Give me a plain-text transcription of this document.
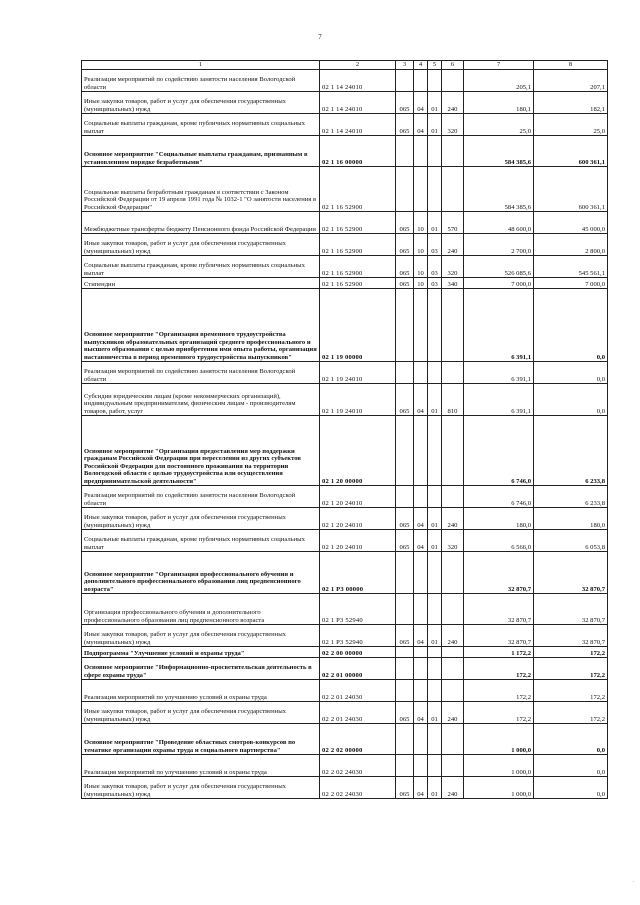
7
1	2	3	4	5	6	7	8
Реализация мероприятий по содействию занятости населения Вологодской области	02 1 14 24010					205,1	207,1
Иные закупки товаров, работ и услуг для обеспечения государственных (муниципальных) нужд	02 1 14 24010	065	04	01	240	180,1	182,1
Социальные выплаты гражданам, кроме публичных нормативных социальных выплат	02 1 14 24010	065	04	01	320	25,0	25,0
Основное мероприятие "Социальные выплаты гражданам, признанным в установленном порядке безработными"	02 1 16 00000					584 385,6	600 361,1
Социальные выплаты безработным гражданам в соответствии с Законом Российской Федерации от 19 апреля 1991 года № 1032-1 "О занятости населения в Российской Федерации"	02 1 16 52900					584 385,6	600 361,1
Межбюджетные трансферты бюджету Пенсионного фонда Российской Федерации	02 1 16 52900	065	10	01	570	48 600,0	45 000,0
Иные закупки товаров, работ и услуг для обеспечения государственных (муниципальных) нужд	02 1 16 52900	065	10	03	240	2 700,0	2 800,0
Социальные выплаты гражданам, кроме публичных нормативных социальных выплат	02 1 16 52900	065	10	03	320	526 085,6	545 561,1
Стипендии	02 1 16 52900	065	10	03	340	7 000,0	7 000,0
Основное мероприятие "Организация временного трудоустройства выпускников образовательных организаций среднего профессионального и высшего образования с целью приобретения ими опыта работы, организация наставничества в период временного трудоустройства выпускников"	02 1 19 00000					6 391,1	0,0
Реализация мероприятий по содействию занятости населения Вологодской области	02 1 19 24010					6 391,1	0,0
Субсидии юридическим лицам (кроме некоммерческих организаций), индивидуальным предпринимателям, физическим лицам - производителям товаров, работ, услуг	02 1 19 24010	065	04	01	810	6 391,1	0,0
Основное мероприятие "Организация предоставления мер поддержки гражданам Российской Федерации при переселении из других субъектов Российской Федерации для постоянного проживания на территории Вологодской области с целью трудоустройства или осуществления предпринимательской деятельности"	02 1 20 00000					6 746,0	6 233,8
Реализация мероприятий по содействию занятости населения Вологодской области	02 1 20 24010					6 746,0	6 233,8
Иные закупки товаров, работ и услуг для обеспечения государственных (муниципальных) нужд	02 1 20 24010	065	04	01	240	180,0	180,0
Социальные выплаты гражданам, кроме публичных нормативных социальных выплат	02 1 20 24010	065	04	01	320	6 566,0	6 053,8
Основное мероприятие "Организация профессионального обучения и дополнительного профессионального образования лиц предпенсионного возраста"	02 1 P3 00000					32 870,7	32 870,7
Организация профессионального обучения и дополнительного профессионального образования лиц предпенсионного возраста	02 1 P3 52940					32 870,7	32 870,7
Иные закупки товаров, работ и услуг для обеспечения государственных (муниципальных) нужд	02 1 P3 52940	065	04	01	240	32 870,7	32 870,7
Подпрограмма "Улучшение условий и охраны труда"	02 2 00 00000					1 172,2	172,2
Основное мероприятие "Информационно-просветительская деятельность в сфере охраны труда"	02 2 01 00000					172,2	172,2
Реализация мероприятий по улучшению условий и охраны труда	02 2 01 24030					172,2	172,2
Иные закупки товаров, работ и услуг для обеспечения государственных (муниципальных) нужд	02 2 01 24030	065	04	01	240	172,2	172,2
Основное мероприятие "Проведение областных смотров-конкурсов по тематике организации охраны труда и социального партнерства"	02 2 02 00000					1 000,0	0,0
Реализация мероприятий по улучшению условий и охраны труда	02 2 02 24030					1 000,0	0,0
Иные закупки товаров, работ и услуг для обеспечения государственных (муниципальных) нужд	02 2 02 24030	065	04	01	240	1 000,0	0,0
·
